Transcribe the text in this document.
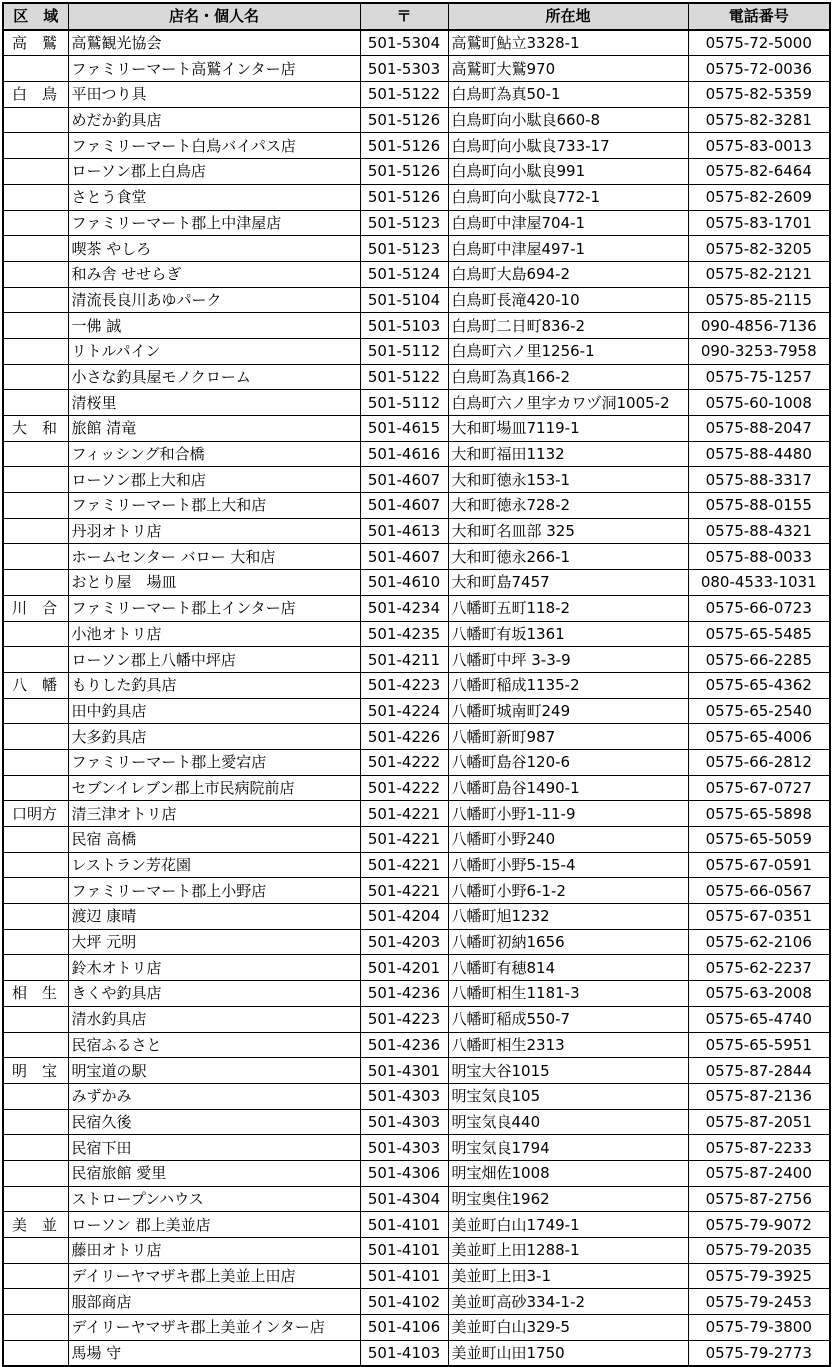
区　域	店名・個人名	〒	所在地	電話番号
高　鷲	高鷲観光協会	501-5304	高鷲町鮎立3328-1	0575-72-5000
	ファミリーマート高鷲インター店	501-5303	高鷲町大鷲970	0575-72-0036
白　鳥	平田つり具	501-5122	白鳥町為真50-1	0575-82-5359
	めだか釣具店	501-5126	白鳥町向小駄良660-8	0575-82-3281
	ファミリーマート白鳥バイパス店	501-5126	白鳥町向小駄良733-17	0575-83-0013
	ローソン郡上白鳥店	501-5126	白鳥町向小駄良991	0575-82-6464
	さとう食堂	501-5126	白鳥町向小駄良772-1	0575-82-2609
	ファミリーマート郡上中津屋店	501-5123	白鳥町中津屋704-1	0575-83-1701
	喫茶 やしろ	501-5123	白鳥町中津屋497-1	0575-82-3205
	和み舎 せせらぎ	501-5124	白鳥町大島694-2	0575-82-2121
	清流長良川あゆパーク	501-5104	白鳥町長滝420-10	0575-85-2115
	一佛 誠	501-5103	白鳥町二日町836-2	090-4856-7136
	リトルパイン	501-5112	白鳥町六ノ里1256-1	090-3253-7958
	小さな釣具屋モノクローム	501-5122	白鳥町為真166-2	0575-75-1257
	清桜里	501-5112	白鳥町六ノ里字カワヅ洞1005-2	0575-60-1008
大　和	旅館 清竜	501-4615	大和町場皿7119-1	0575-88-2047
	フィッシング和合橋	501-4616	大和町福田1132	0575-88-4480
	ローソン郡上大和店	501-4607	大和町徳永153-1	0575-88-3317
	ファミリーマート郡上大和店	501-4607	大和町徳永728-2	0575-88-0155
	丹羽オトリ店	501-4613	大和町名皿部 325	0575-88-4321
	ホームセンター バロー 大和店	501-4607	大和町徳永266-1	0575-88-0033
	おとり屋　場皿	501-4610	大和町島7457	080-4533-1031
川　合	ファミリーマート郡上インター店	501-4234	八幡町五町118-2	0575-66-0723
	小池オトリ店	501-4235	八幡町有坂1361	0575-65-5485
	ローソン郡上八幡中坪店	501-4211	八幡町中坪 3-3-9	0575-66-2285
八　幡	もりした釣具店	501-4223	八幡町稲成1135-2	0575-65-4362
	田中釣具店	501-4224	八幡町城南町249	0575-65-2540
	大多釣具店	501-4226	八幡町新町987	0575-65-4006
	ファミリーマート郡上愛宕店	501-4222	八幡町島谷120-6	0575-66-2812
	セブンイレブン郡上市民病院前店	501-4222	八幡町島谷1490-1	0575-67-0727
口明方	清三津オトリ店	501-4221	八幡町小野1-11-9	0575-65-5898
	民宿 高橋	501-4221	八幡町小野240	0575-65-5059
	レストラン芳花園	501-4221	八幡町小野5-15-4	0575-67-0591
	ファミリーマート郡上小野店	501-4221	八幡町小野6-1-2	0575-66-0567
	渡辺 康晴	501-4204	八幡町旭1232	0575-67-0351
	大坪 元明	501-4203	八幡町初納1656	0575-62-2106
	鈴木オトリ店	501-4201	八幡町有穂814	0575-62-2237
相　生	きくや釣具店	501-4236	八幡町相生1181-3	0575-63-2008
	清水釣具店	501-4223	八幡町稲成550-7	0575-65-4740
	民宿ふるさと	501-4236	八幡町相生2313	0575-65-5951
明　宝	明宝道の駅	501-4301	明宝大谷1015	0575-87-2844
	みずかみ	501-4303	明宝気良105	0575-87-2136
	民宿久後	501-4303	明宝気良440	0575-87-2051
	民宿下田	501-4303	明宝気良1794	0575-87-2233
	民宿旅館 愛里	501-4306	明宝畑佐1008	0575-87-2400
	ストロープンハウス	501-4304	明宝奥住1962	0575-87-2756
美　並	ローソン 郡上美並店	501-4101	美並町白山1749-1	0575-79-9072
	藤田オトリ店	501-4101	美並町上田1288-1	0575-79-2035
	デイリーヤマザキ郡上美並上田店	501-4101	美並町上田3-1	0575-79-3925
	服部商店	501-4102	美並町高砂334-1-2	0575-79-2453
	デイリーヤマザキ郡上美並インター店	501-4106	美並町白山329-5	0575-79-3800
	馬場 守	501-4103	美並町山田1750	0575-79-2773
